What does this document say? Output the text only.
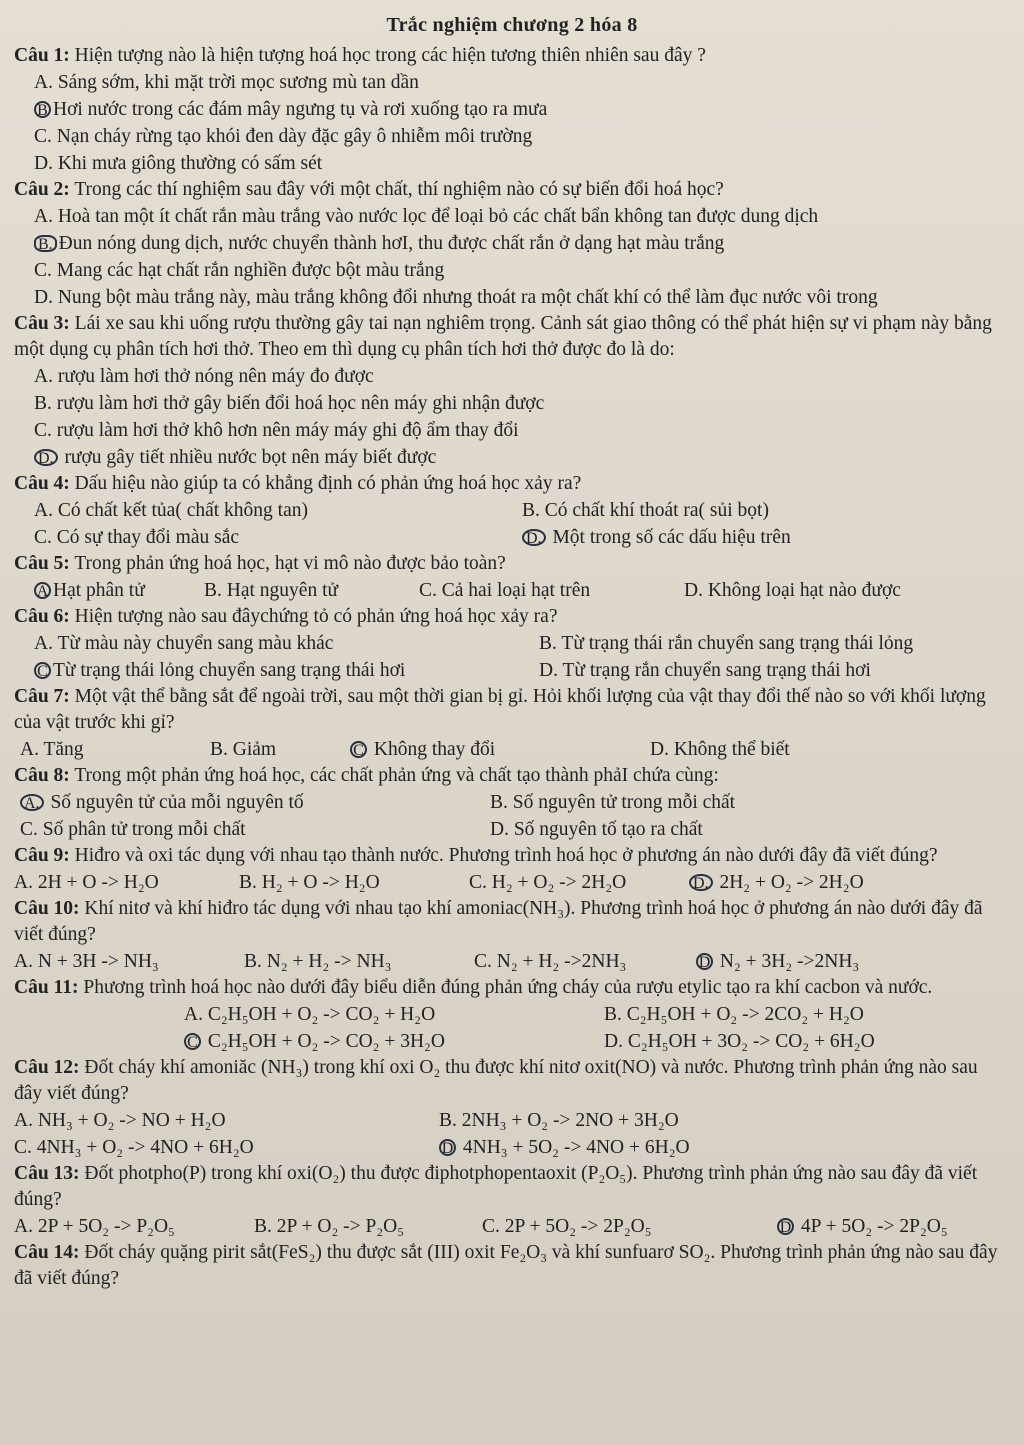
Trắc nghiệm chương 2 hóa 8

Câu 1: Hiện tượng nào là hiện tượng hoá học trong các hiện tương thiên nhiên sau đây ?

A. Sáng sớm, khi mặt trời mọc sương mù tan dần
B Hơi nước trong các đám mây ngưng tụ và rơi xuống tạo ra mưa
C. Nạn cháy rừng tạo khói đen dày đặc gây ô nhiễm môi trường
D. Khi mưa giông thường có sấm sét

Câu 2: Trong các thí nghiệm sau đây với một chất, thí nghiệm nào có sự biến đổi hoá học?

A. Hoà tan một ít chất rắn màu trắng vào nước lọc để loại bỏ các chất bẩn không tan được dung dịch
B. Đun nóng dung dịch, nước chuyển thành hơI, thu được chất rắn ở dạng hạt màu trắng
C. Mang các hạt chất rắn nghiền được bột màu trắng
D. Nung bột màu trắng này, màu trắng không đổi nhưng thoát ra một chất khí có thể làm đục nước vôi trong

Câu 3: Lái xe sau khi uống rượu thường gây tai nạn nghiêm trọng. Cảnh sát giao thông có thể phát hiện sự vi phạm này bằng một dụng cụ phân tích hơi thở. Theo em thì dụng cụ phân tích hơi thở được đo là do:

A. rượu làm hơi thở nóng nên máy đo được
B. rượu làm hơi thở gây biến đổi hoá học nên máy ghi nhận được
C. rượu làm hơi thở khô hơn nên máy máy ghi độ ẩm thay đổi
D. rượu gây tiết nhiều nước bọt nên máy biết được

Câu 4: Dấu hiệu nào giúp ta có khẳng định có phản ứng hoá học xảy ra?

A. Có chất kết tủa( chất không tan)	B. Có chất khí thoát ra( sủi bọt)
C. Có sự thay đổi màu sắc	D. Một trong số các dấu hiệu trên

Câu 5: Trong phản ứng hoá học, hạt vi mô nào được bảo toàn?

A Hạt phân tử	B. Hạt nguyên tử	C. Cả hai loại hạt trên	D. Không loại hạt nào được

Câu 6: Hiện tượng nào sau đâychứng tỏ có phản ứng hoá học xảy ra?

A. Từ màu này chuyển sang màu khác	B. Từ trạng thái rắn chuyển sang trạng thái lỏng
C Từ trạng thái lỏng chuyển sang trạng thái hơi	D. Từ trạng rắn chuyển sang trạng thái hơi

Câu 7: Một vật thể bằng sắt để ngoài trời, sau một thời gian bị gỉ. Hỏi khối lượng của vật thay đổi thế nào so với khối lượng của vật trước khi gỉ?

A. Tăng	B. Giảm	C Không thay đổi	D. Không thể biết

Câu 8: Trong một phản ứng hoá học, các chất phản ứng và chất tạo thành phảI chứa cùng:

A. Số nguyên tử của mỗi nguyên tố	B. Số nguyên tử trong mỗi chất
C. Số phân tử trong mỗi chất	D. Số nguyên tố tạo ra chất

Câu 9: Hiđro và oxi tác dụng với nhau tạo thành nước. Phương trình hoá học ở phương án nào dưới đây đã viết đúng?

A. 2H + O -> H₂O	B. H₂ + O -> H₂O	C. H₂ + O₂ -> 2H₂O	D. 2H₂ + O₂ -> 2H₂O

Câu 10: Khí nitơ và khí hiđro tác dụng với nhau tạo khí amoniac(NH₃). Phương trình hoá học ở phương án nào dưới đây đã viết đúng?

A. N + 3H -> NH₃	B. N₂ + H₂ -> NH₃	C. N₂ + H₂ ->2NH₃	D N₂ + 3H₂ ->2NH₃

Câu 11: Phương trình hoá học nào dưới đây biểu diễn đúng phản ứng cháy của rượu etylic tạo ra khí cacbon và nước.

A. C₂H₅OH + O₂ -> CO₂ + H₂O	B. C₂H₅OH + O₂ -> 2CO₂ + H₂O
C C₂H₅OH + O₂ -> CO₂ + 3H₂O	D. C₂H₅OH + 3O₂ -> CO₂ + 6H₂O

Câu 12: Đốt cháy khí amoniăc (NH₃) trong khí oxi O₂ thu được khí nitơ oxit(NO) và nước. Phương trình phản ứng nào sau đây viết đúng?

A. NH₃ + O₂ -> NO + H₂O	B. 2NH₃ + O₂ -> 2NO + 3H₂O
C. 4NH₃ + O₂ -> 4NO + 6H₂O	D 4NH₃ + 5O₂ -> 4NO + 6H₂O

Câu 13: Đốt photpho(P) trong khí oxi(O₂) thu được điphotphopentaoxit (P₂O₅). Phương trình phản ứng nào sau đây đã viết đúng?

A. 2P + 5O₂ -> P₂O₅	B. 2P + O₂ -> P₂O₅	C. 2P + 5O₂ -> 2P₂O₅	D 4P + 5O₂ -> 2P₂O₅

Câu 14: Đốt cháy quặng pirit sắt(FeS₂) thu được sắt (III) oxit Fe₂O₃ và khí sunfuarơ SO₂. Phương trình phản ứng nào sau đây đã viết đúng?
